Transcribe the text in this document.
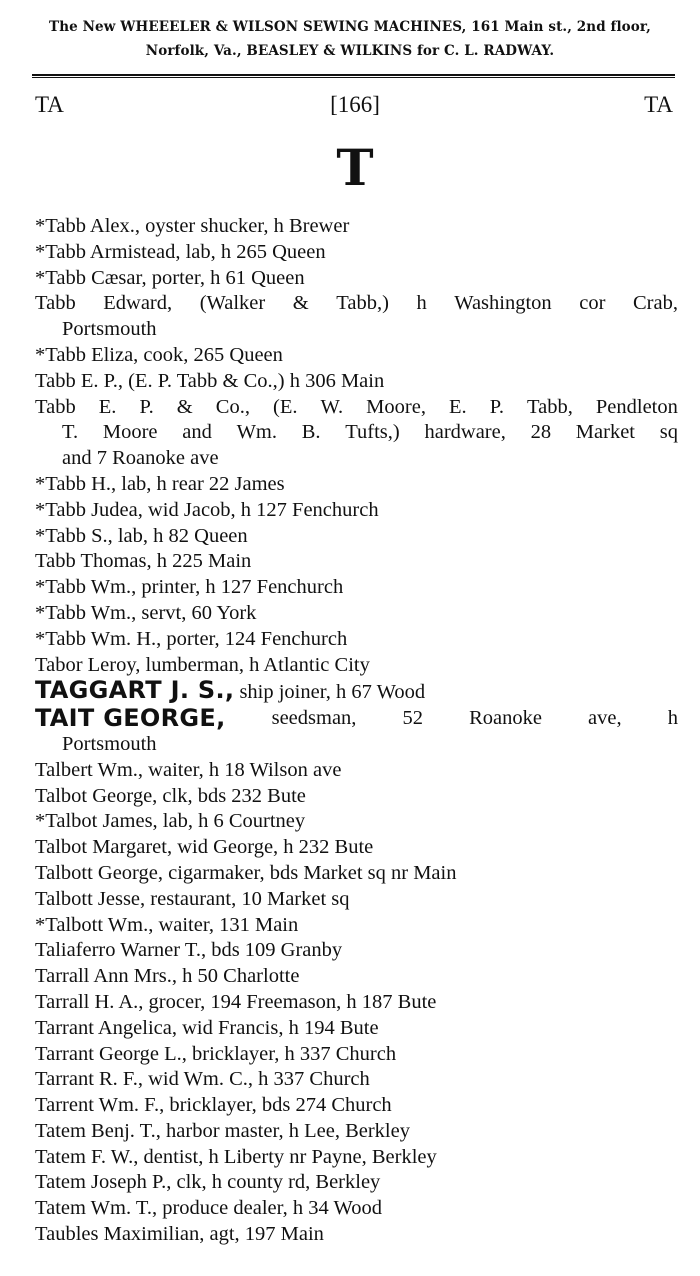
The New WHEEELER & WILSON SEWING MACHINES, 161 Main st., 2nd floor,
Norfolk, Va., BEASLEY & WILKINS for C. L. RADWAY.
TA	[166]	TA
T
*Tabb Alex., oyster shucker, h Brewer
*Tabb Armistead, lab, h 265 Queen
*Tabb Cæsar, porter, h 61 Queen
Tabb Edward, (Walker & Tabb,) h Washington cor Crab,
Portsmouth
*Tabb Eliza, cook, 265 Queen
Tabb E. P., (E. P. Tabb & Co.,) h 306 Main
Tabb E. P. & Co., (E. W. Moore, E. P. Tabb, Pendleton
T. Moore and Wm. B. Tufts,) hardware, 28 Market sq
and 7 Roanoke ave
*Tabb H., lab, h rear 22 James
*Tabb Judea, wid Jacob, h 127 Fenchurch
*Tabb S., lab, h 82 Queen
Tabb Thomas, h 225 Main
*Tabb Wm., printer, h 127 Fenchurch
*Tabb Wm., servt, 60 York
*Tabb Wm. H., porter, 124 Fenchurch
Tabor Leroy, lumberman, h Atlantic City
TAGGART J. S., ship joiner, h 67 Wood
TAIT GEORGE, seedsman, 52 Roanoke ave, h
Portsmouth
Talbert Wm., waiter, h 18 Wilson ave
Talbot George, clk, bds 232 Bute
*Talbot James, lab, h 6 Courtney
Talbot Margaret, wid George, h 232 Bute
Talbott George, cigarmaker, bds Market sq nr Main
Talbott Jesse, restaurant, 10 Market sq
*Talbott Wm., waiter, 131 Main
Taliaferro Warner T., bds 109 Granby
Tarrall Ann Mrs., h 50 Charlotte
Tarrall H. A., grocer, 194 Freemason, h 187 Bute
Tarrant Angelica, wid Francis, h 194 Bute
Tarrant George L., bricklayer, h 337 Church
Tarrant R. F., wid Wm. C., h 337 Church
Tarrent Wm. F., bricklayer, bds 274 Church
Tatem Benj. T., harbor master, h Lee, Berkley
Tatem F. W., dentist, h Liberty nr Payne, Berkley
Tatem Joseph P., clk, h county rd, Berkley
Tatem Wm. T., produce dealer, h 34 Wood
Taubles Maximilian, agt, 197 Main
